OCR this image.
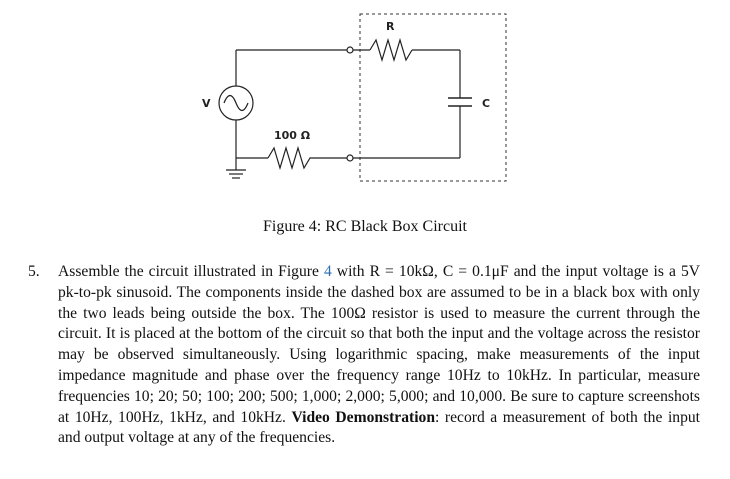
V
R
100 Ω
C
Figure 4: RC Black Box Circuit
5.	Assemble the circuit illustrated in Figure 4 with R = 10kΩ, C = 0.1μF and the input voltage is a 5V pk-to-pk sinusoid. The components inside the dashed box are assumed to be in a black box with only the two leads being outside the box. The 100Ω resistor is used to measure the current through the circuit. It is placed at the bottom of the circuit so that both the input and the voltage across the resistor may be observed simultaneously. Using logarithmic spacing, make measurements of the input impedance magnitude and phase over the frequency range 10Hz to 10kHz. In particular, measure frequencies 10; 20; 50; 100; 200; 500; 1,000; 2,000; 5,000; and 10,000. Be sure to capture screenshots at 10Hz, 100Hz, 1kHz, and 10kHz. Video Demonstration: record a measurement of both the input and output voltage at any of the frequencies.
